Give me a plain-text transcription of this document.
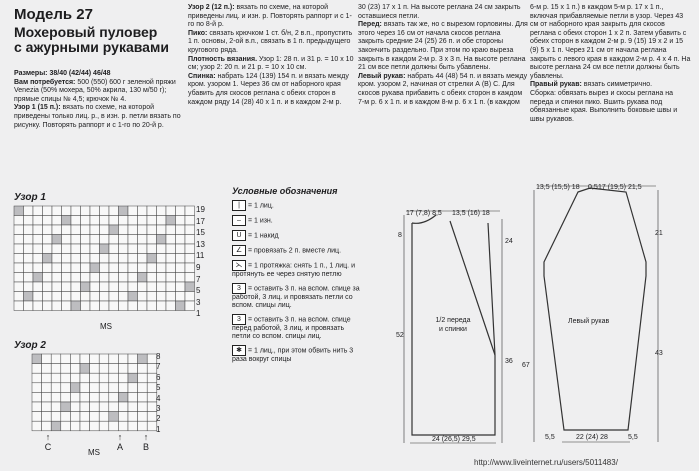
Модель 27
Мохеровый пуловер
с ажурными рукавами
Размеры: 38/40 (42/44) 46/48
Вам потребуется: 500 (550) 600 г зеленой пряжи Venezia (50% мохера, 50% акрила, 130 м/50 г); прямые спицы № 4,5; крючок № 4.
Узор 1 (15 п.): вязать по схеме, на которой приведены только лиц. р., в изн. р. петли вязать по рисунку. Повторять раппорт и с 1-го по 20-й р.
Узор 2 (12 п.): вязать по схеме, на которой приведены лиц. и изн. р. Повторять раппорт и с 1-го по 8-й р.
Пико: связать крючком 1 ст. б/н, 2 в.п., пропустить 1 п. основы, 2-ой в.п., связать в 1 п. предыдущего кругового ряда.
Плотность вязания. Узор 1: 28 п. и 31 р. = 10 x 10 см; узор 2: 20 п. и 21 р. = 10 x 10 см.
Спинка: набрать 124 (139) 154 п. и вязать между кром. узором 1. Через 36 см от наборного края убавить для скосов реглана с обеих сторон в каждом ряду 14 (28) 40 x 1 п. и в каждом 2-м р.
30 (23) 17 x 1 п. На высоте реглана 24 см закрыть оставшиеся петли.
Перед: вязать так же, но с вырезом горловины. Для этого через 16 см от начала скосов реглана закрыть средние 24 (25) 26 п. и обе стороны закончить раздельно. При этом по краю выреза закрыть в каждом 2-м р. 3 x 3 п. На высоте реглана 21 см все петли должны быть убавлены.
Левый рукав: набрать 44 (48) 54 п. и вязать между кром. узором 2, начиная от стрелки А (В) С. Для скосов рукава прибавить с обеих сторон в каждом 7-м р. 6 x 1 п. и в каждом 8-м р. 6 x 1 п. (в каждом
6-м р. 15 x 1 п.) в каждом 5-м р. 17 x 1 п., включая прибавляемые петли в узор. Через 43 см от наборного края закрыть для скосов реглана с обеих сторон 1 x 2 п. Затем убавить с обеих сторон в каждом 2-м р. 9 (15) 19 x 2 и 15 (9) 5 x 1 п. Через 21 см от начала реглана закрыть с левого края в каждом 2-м р. 4 x 4 п. На высоте реглана 24 см все петли должны быть убавлены.
Правый рукав: вязать симметрично.
Сборка: обвязать вырез и скосы реглана на переда и спинки пико. Вшить рукава под обвязанные края. Выполнить боковые швы и швы рукавов.
Узор 1
19
17
15
13
11
9
7
5
3
1
MS
Узор 2
8
7
6
5
4
3
2
1
MS
↑
C
↑
A
↑
B
Условные обозначения
| = 1 лиц.
– = 1 изн.
U = 1 накид
∠ = провязать 2 п. вместе лиц.
⋋ = 1 протяжка: снять 1 п., 1 лиц. и протянуть ее через снятую петлю
3 = оставить 3 п. на вспом. спице за работой, 3 лиц. и провязать петли со вспом. спицы лиц.
3 = оставить 3 п. на вспом. спице перед работой, 3 лиц. и провязать петли со вспом. спицы лиц.
✱ = 1 лиц., при этом обвить нить 3 раза вокруг спицы
1/2 переда
и спинки
17 (7,8) 8,5 13,5 (16) 18
8
52
24
36
24 (26,5) 29,5
Левый рукав
13,5 (15,5) 18 0,5 17 (19,5) 21,5
21
43
67
22 (24) 28
5,5	5,5
http://www.liveinternet.ru/users/5011483/
